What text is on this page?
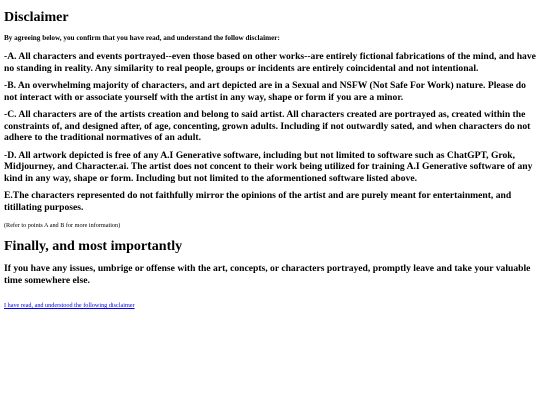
Disclaimer

By agreeing below, you confirm that you have read, and understand the follow disclaimer:

-A. All characters and events portrayed--even those based on other works--are entirely fictional fabrications of the mind, and have no standing in reality. Any similarity to real people, groups or incidents are entirely coincidental and not intentional.

-B. An overwhelming majority of characters, and art depicted are in a Sexual and NSFW (Not Safe For Work) nature. Please do not interact with or associate yourself with the artist in any way, shape or form if you are a minor.

-C. All characters are of the artists creation and belong to said artist. All characters created are portrayed as, created within the constraints of, and designed after, of age, concenting, grown adults. Including if not outwardly sated, and when characters do not adhere to the traditional normatives of an adult.

-D. All artwork depicted is free of any A.I Generative software, including but not limited to software such as ChatGPT, Grok, Midjourney, and Character.ai. The artist does not concent to their work being utilized for training A.I Generative software of any kind in any way, shape or form. Including but not limited to the aformentioned software listed above.

E.The characters represented do not faithfully mirror the opinions of the artist and are purely meant for entertainment, and titillating purposes.

(Refer to points A and B for more information)

Finally, and most importantly

If you have any issues, umbrige or offense with the art, concepts, or characters portrayed, promptly leave and take your valuable time somewhere else.

I have read, and understood the following disclaimer
